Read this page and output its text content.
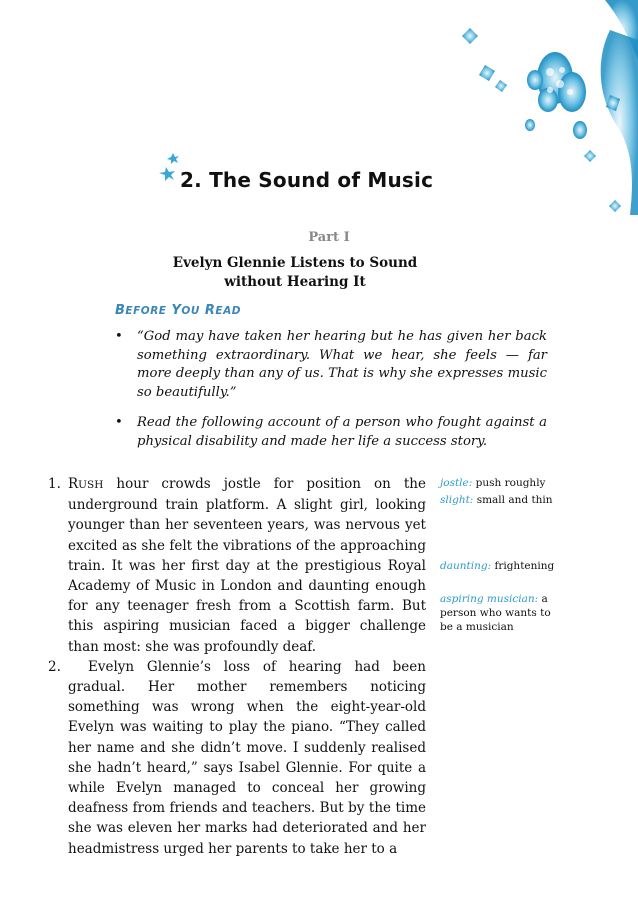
2. The Sound of Music
Part I
Evelyn Glennie Listens to Sound
without Hearing It
BEFORE YOU READ
• “God may have taken her hearing but he has given her back something extraordinary. What we hear, she feels — far more deeply than any of us. That is why she expresses music so beautifully.”
• Read the following account of a person who fought against a physical disability and made her life a success story.

1. RUSH hour crowds jostle for position on the underground train platform. A slight girl, looking younger than her seventeen years, was nervous yet excited as she felt the vibrations of the approaching train. It was her first day at the prestigious Royal Academy of Music in London and daunting enough for any teenager fresh from a Scottish farm. But this aspiring musician faced a bigger challenge than most: she was profoundly deaf.

2. Evelyn Glennie’s loss of hearing had been gradual. Her mother remembers noticing something was wrong when the eight-year-old Evelyn was waiting to play the piano. “They called her name and she didn’t move. I suddenly realised she hadn’t heard,” says Isabel Glennie. For quite a while Evelyn managed to conceal her growing deafness from friends and teachers. But by the time she was eleven her marks had deteriorated and her headmistress urged her parents to take her to a

jostle: push roughly
slight: small and thin
daunting: frightening
aspiring musician: a person who wants to be a musician
